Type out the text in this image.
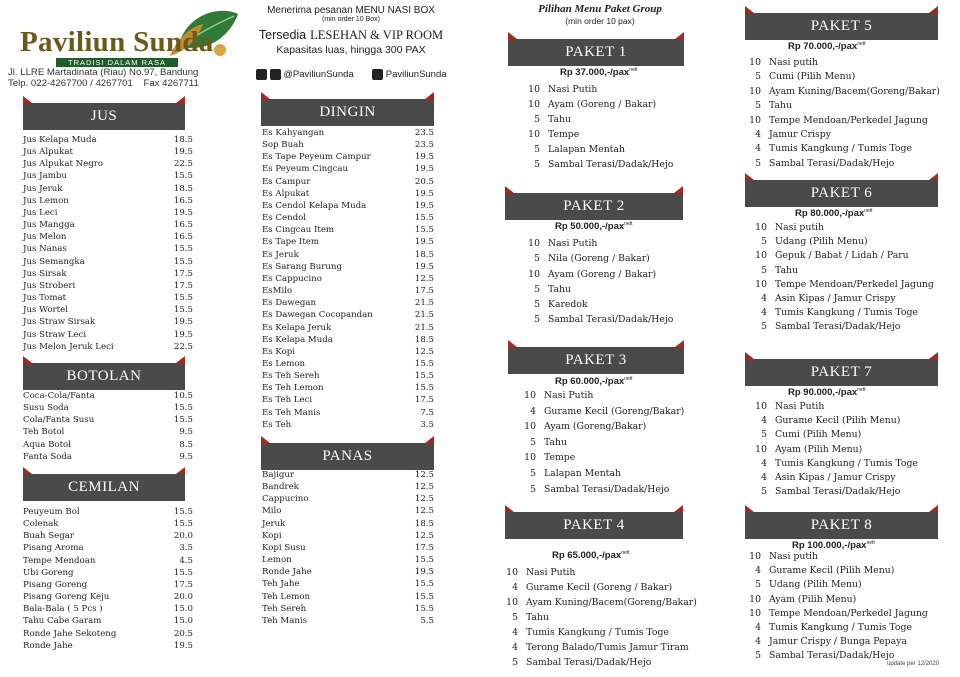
Paviliun Sunda
TRADISI DALAM RASA
Jl. LLRE Martadinata (Riau) No.97, Bandung
Telp. 022-4267700 / 4267701 Fax 4267711
Menerima pesanan MENU NASI BOX
(min order 10 Box)
Tersedia LESEHAN & VIP ROOM
Kapasitas luas, hingga 300 PAX
@PaviliunSunda	PaviliunSunda
JUS
Jus Kelapa Muda	18.5
Jus Alpukat	19.5
Jus Alpukat Negro	22.5
Jus Jambu	15.5
Jus Jeruk	18.5
Jus Lemon	16.5
Jus Leci	19.5
Jus Mangga	16.5
Jus Melon	16.5
Jus Nanas	15.5
Jus Semangka	15.5
Jus Sirsak	17.5
Jus Stroberi	17.5
Jus Tomat	15.5
Jus Wortel	15.5
Jus Straw Sirsak	19.5
Jus Straw Leci	19.5
Jus Melon Jeruk Leci	22.5
BOTOLAN
Coca-Cola/Fanta	10.5
Susu Soda	15.5
Cola/Fanta Susu	15.5
Teh Botol	9.5
Aqua Botol	8.5
Fanta Soda	9.5
CEMILAN
Peuyeum Bol	15.5
Colenak	15.5
Buah Segar	20.0
Pisang Aroma	3.5
Tempe Mendoan	4.5
Ubi Goreng	15.5
Pisang Goreng	17.5
Pisang Goreng Keju	20.0
Bala-Bala ( 5 Pcs )	15.0
Tahu Cabe Garam	15.0
Ronde Jahe Sekoteng	20.5
Ronde Jahe	19.5
DINGIN
Es Kahyangan	23.5
Sop Buah	23.5
Es Tape Peyeum Campur	19.5
Es Peyeum Cingcau	19.5
Es Campur	20.5
Es Alpukat	19.5
Es Cendol Kelapa Muda	19.5
Es Cendol	15.5
Es Cingcau Item	15.5
Es Tape Item	19.5
Es Jeruk	18.5
Es Sarang Burung	19.5
Es Cappucino	12.5
EsMilo	17.5
Es Dawegan	21.5
Es Dawegan Cocopandan	21.5
Es Kelapa Jeruk	21.5
Es Kelapa Muda	18.5
Es Kopi	12.5
Es Lemon	15.5
Es Teh Sereh	15.5
Es Teh Lemon	15.5
Es Teh Leci	17.5
Es Teh Manis	7.5
Es Teh	3.5
PANAS
Bajigur	12.5
Bandrek	12.5
Cappucino	12.5
Milo	12.5
Jeruk	18.5
Kopi	12.5
Kopi Susu	17.5
Lemon	15.5
Ronde Jahe	19.5
Teh Jahe	15.5
Teh Lemon	15.5
Teh Sereh	15.5
Teh Manis	5.5
Pilihan Menu Paket Group
(min order 10 pax)
PAKET 1
Rp 37.000,-/pax$^{nett}$
10 Nasi Putih
10 Ayam (Goreng / Bakar)
5 Tahu
10 Tempe
5 Lalapan Mentah
5 Sambal Terasi/Dadak/Hejo
PAKET 2
Rp 50.000,-/pax$^{nett}$
10 Nasi Putih
5 Nila (Goreng / Bakar)
10 Ayam (Goreng / Bakar)
5 Tahu
5 Karedok
5 Sambal Terasi/Dadak/Hejo
PAKET 3
Rp 60.000,-/pax$^{nett}$
10 Nasi Putih
4 Gurame Kecil (Goreng/Bakar)
10 Ayam (Goreng/Bakar)
5 Tahu
10 Tempe
5 Lalapan Mentah
5 Sambal Terasi/Dadak/Hejo
PAKET 4
Rp 65.000,-/pax$^{nett}$
10 Nasi Putih
4 Gurame Kecil (Goreng / Bakar)
10 Ayam Kuning/Bacem(Goreng/Bakar)
5 Tahu
4 Tumis Kangkung / Tumis Toge
4 Terong Balado/Tumis Jamur Tiram
5 Sambal Terasi/Dadak/Hejo
PAKET 5
Rp 70.000,-/pax$^{nett}$
10 Nasi putih
5 Cumi (Pilih Menu)
10 Ayam Kuning/Bacem(Goreng/Bakar)
5 Tahu
10 Tempe Mendoan/Perkedel Jagung
4 Jamur Crispy
4 Tumis Kangkung / Tumis Toge
5 Sambal Terasi/Dadak/Hejo
PAKET 6
Rp 80.000,-/pax$^{nett}$
10 Nasi putih
5 Udang (Pilih Menu)
10 Gepuk / Babat / Lidah / Paru
5 Tahu
10 Tempe Mendoan/Perkedel Jagung
4 Asin Kipas / Jamur Crispy
4 Tumis Kangkung / Tumis Toge
5 Sambal Terasi/Dadak/Hejo
PAKET 7
Rp 90.000,-/pax$^{nett}$
10 Nasi Putih
4 Gurame Kecil (Pilih Menu)
5 Cumi (Pilih Menu)
10 Ayam (Pilih Menu)
4 Tumis Kangkung / Tumis Toge
4 Asin Kipas / Jamur Crispy
5 Sambal Terasi/Dadak/Hejo
PAKET 8
Rp 100.000,-/pax$^{nett}$
10 Nasi putih
4 Gurame Kecil (Pilih Menu)
5 Udang (Pilih Menu)
10 Ayam (Pilih Menu)
10 Tempe Mendoan/Perkedel Jagung
4 Tumis Kangkung / Tumis Toge
4 Jamur Crispy / Bunga Pepaya
5 Sambal Terasi/Dadak/Hejo
update per 12/2020
